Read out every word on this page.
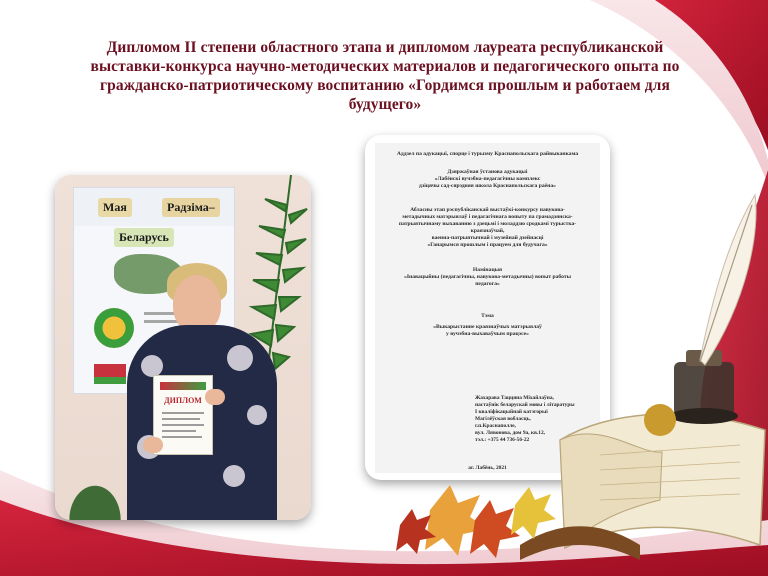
Дипломом II степени областного этапа и дипломом лауреата республиканской
выставки-конкурса научно-методических материалов и педагогического опыта по
гражданско-патриотическому воспитанию «Гордимся прошлым и работаем для
будущего»
Мая	Радзіма–
Беларусь
ДИПЛОМ
Аддзел па адукацыі, спорце і турызму Краснапольскага райвыканкама
Дзяржаўная ўстанова адукацыі
«Лабёнскі вучэбна-педагагічны комплекс
дзіцячы сад-сярэдняя школа Краснапольскага раёна»
Абласны этап рэспубліканскай выстаўкі-конкурсу навукова-
метадычных матэрыялаў і педагагічнага вопыту па грамадзянска-
патрыятычнаму выхаванню з дзецьмі і моладдзю сродкамі турыстка-
краязнаўчай,
ваенна-патрыятычнай і музейнай дзейнасці
«Ганарымся прошлым і працуем для будучага»
Намінацыя
«Інавацыйны (педагагічны, навукова-метадычны) вопыт работы
педагога»
Тэма
«Выкарыстанне краязнаўчых матэрыялаў
у вучэбна-выхаваўчым працэсе»
Жахарава Таццяна Міхайлаўна,
настаўнік беларускай мовы і літаратуры
І кваліфікацыйнай катэгорыі
Магілёўская вобласць,
г.п.Краснаполле,
вул. Лявонова, дом 9а, кв.12,
тэл.: +375 44 736-56-22
аг. Лабёнь, 2021
